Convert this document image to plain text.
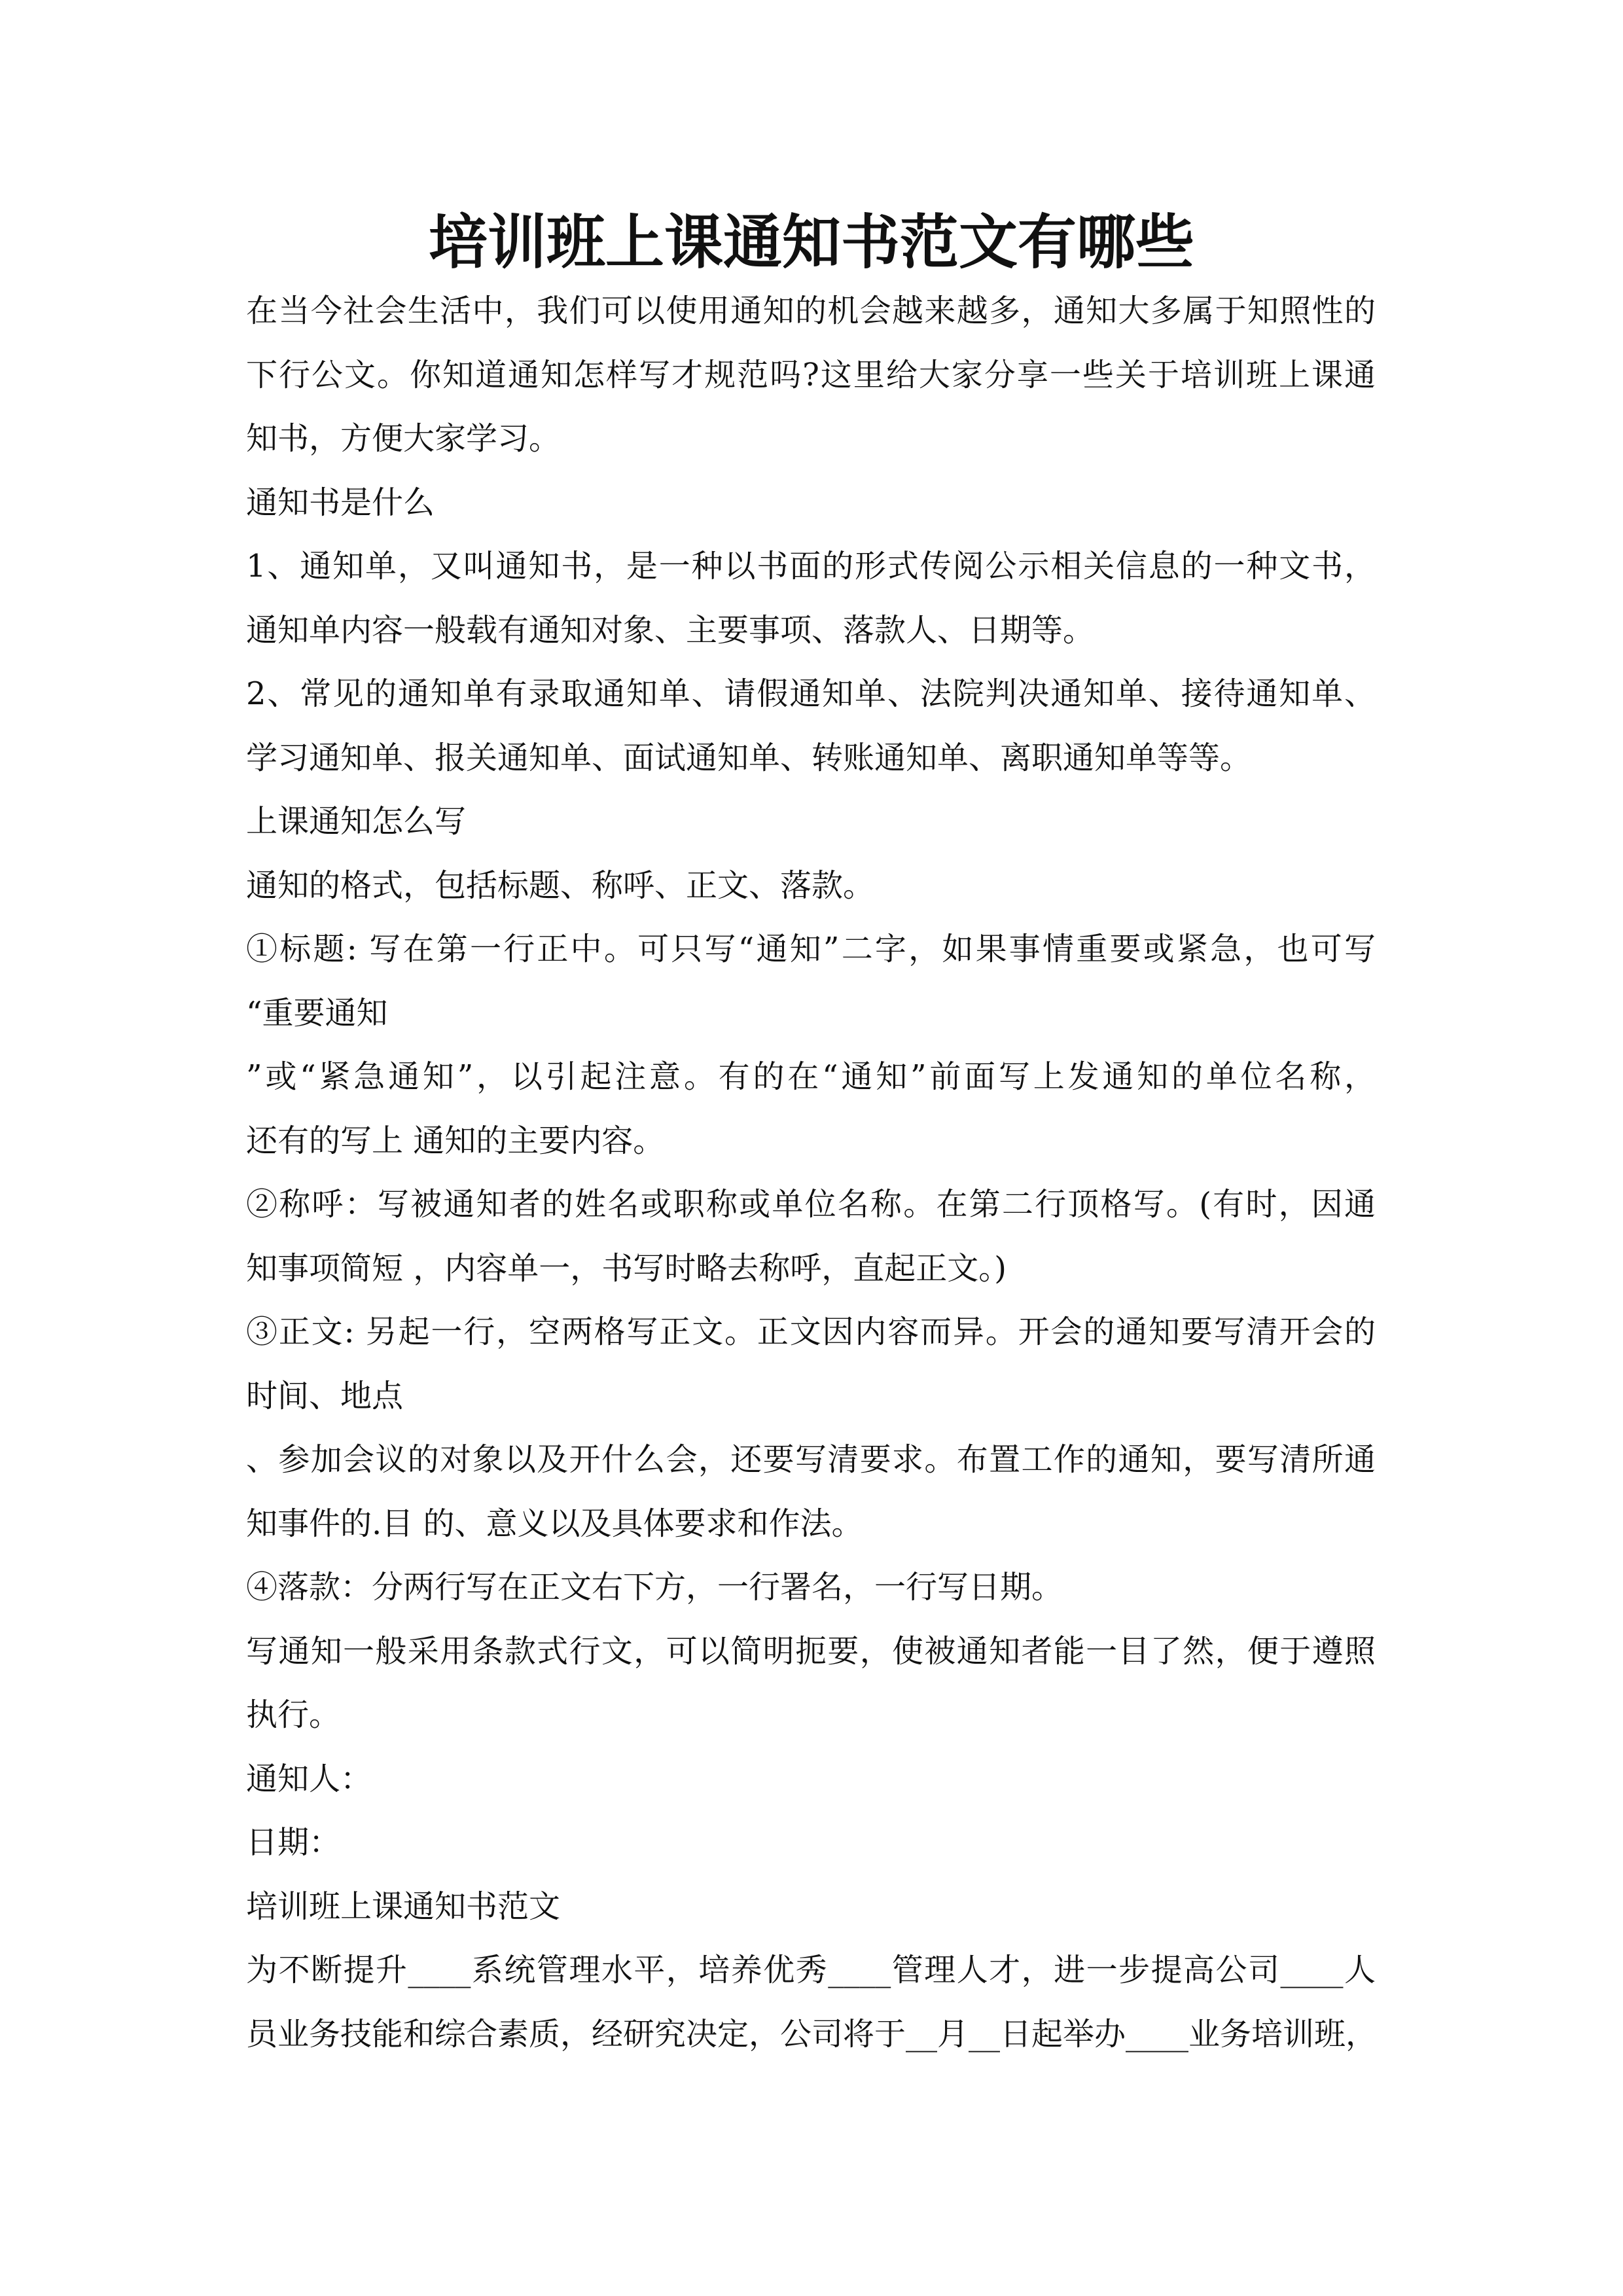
培训班上课通知书范文有哪些
在当今社会生活中，我们可以使用通知的机会越来越多，通知大多属于知照性的
下行公文。你知道通知怎样写才规范吗?这里给大家分享一些关于培训班上课通
知书，方便大家学习。
通知书是什么
1、通知单，又叫通知书，是一种以书面的形式传阅公示相关信息的一种文书，
通知单内容一般载有通知对象、主要事项、落款人、日期等。
2、常见的通知单有录取通知单、请假通知单、法院判决通知单、接待通知单、
学习通知单、报关通知单、面试通知单、转账通知单、离职通知单等等。
上课通知怎么写
通知的格式，包括标题、称呼、正文、落款。
①标题: 写在第一行正中。可只写“通知”二字，如果事情重要或紧急，也可写
“重要通知
”或“紧急通知”，以引起注意。有的在“通知”前面写上发通知的单位名称，
还有的写上 通知的主要内容。
②称呼：写被通知者的姓名或职称或单位名称。在第二行顶格写。(有时，因通
知事项简短 ，内容单一，书写时略去称呼，直起正文。)
③正文: 另起一行，空两格写正文。正文因内容而异。开会的通知要写清开会的
时间、地点
、参加会议的对象以及开什么会，还要写清要求。布置工作的通知，要写清所通
知事件的.目 的、意义以及具体要求和作法。
④落款：分两行写在正文右下方，一行署名，一行写日期。
写通知一般采用条款式行文，可以简明扼要，使被通知者能一目了然，便于遵照
执行。
通知人：
日期：
培训班上课通知书范文
为不断提升____系统管理水平，培养优秀____管理人才，进一步提高公司____人
员业务技能和综合素质，经研究决定，公司将于__月__日起举办____业务培训班，
